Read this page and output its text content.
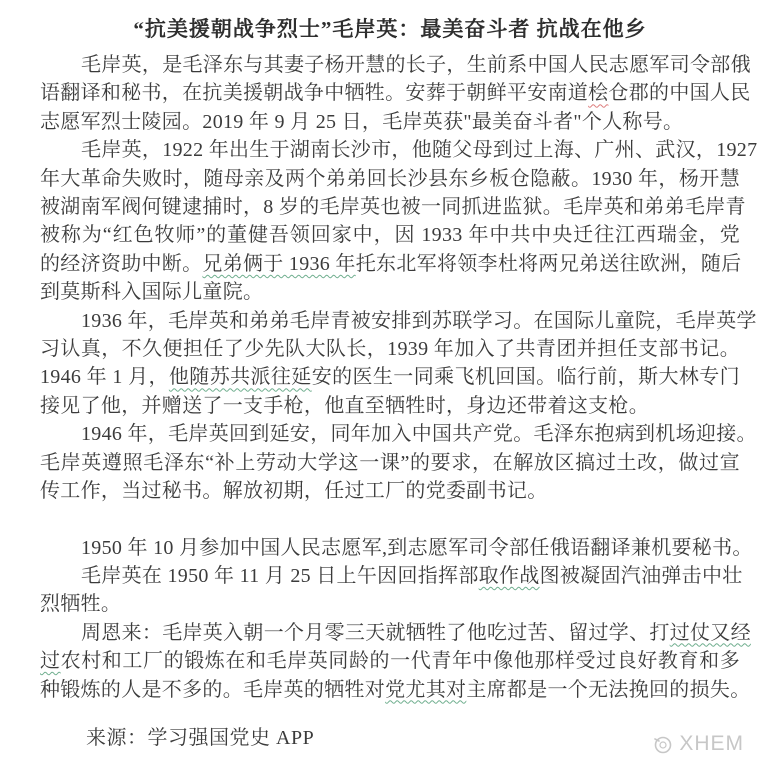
“抗美援朝战争烈士”毛岸英：最美奋斗者 抗战在他乡
毛岸英，是毛泽东与其妻子杨开慧的长子，生前系中国人民志愿军司令部俄
语翻译和秘书，在抗美援朝战争中牺牲。安葬于朝鲜平安南道桧仓郡的中国人民
志愿军烈士陵园。2019 年 9 月 25 日，毛岸英获"最美奋斗者"个人称号。
毛岸英，1922 年出生于湖南长沙市，他随父母到过上海、广州、武汉，1927
年大革命失败时，随母亲及两个弟弟回长沙县东乡板仓隐蔽。1930 年，杨开慧
被湖南军阀何键逮捕时，8 岁的毛岸英也被一同抓进监狱。毛岸英和弟弟毛岸青
被称为“红色牧师”的董健吾领回家中，因 1933 年中共中央迁往江西瑞金，党
的经济资助中断。兄弟俩于 1936 年托东北军将领李杜将两兄弟送往欧洲，随后
到莫斯科入国际儿童院。
1936 年，毛岸英和弟弟毛岸青被安排到苏联学习。在国际儿童院，毛岸英学
习认真，不久便担任了少先队大队长，1939 年加入了共青团并担任支部书记。
1946 年 1 月，他随苏共派往延安的医生一同乘飞机回国。临行前，斯大林专门
接见了他，并赠送了一支手枪，他直至牺牲时，身边还带着这支枪。
1946 年，毛岸英回到延安，同年加入中国共产党。毛泽东抱病到机场迎接。
毛岸英遵照毛泽东“补上劳动大学这一课”的要求，在解放区搞过土改，做过宣
传工作，当过秘书。解放初期，任过工厂的党委副书记。
1950 年 10 月参加中国人民志愿军,到志愿军司令部任俄语翻译兼机要秘书。
毛岸英在 1950 年 11 月 25 日上午因回指挥部取作战图被凝固汽油弹击中壮
烈牺牲。
周恩来：毛岸英入朝一个月零三天就牺牲了他吃过苦、留过学、打过仗又经
过农村和工厂的锻炼在和毛岸英同龄的一代青年中像他那样受过良好教育和多
种锻炼的人是不多的。毛岸英的牺牲对党尤其对主席都是一个无法挽回的损失。
来源：学习强国党史 APP	XHEM
